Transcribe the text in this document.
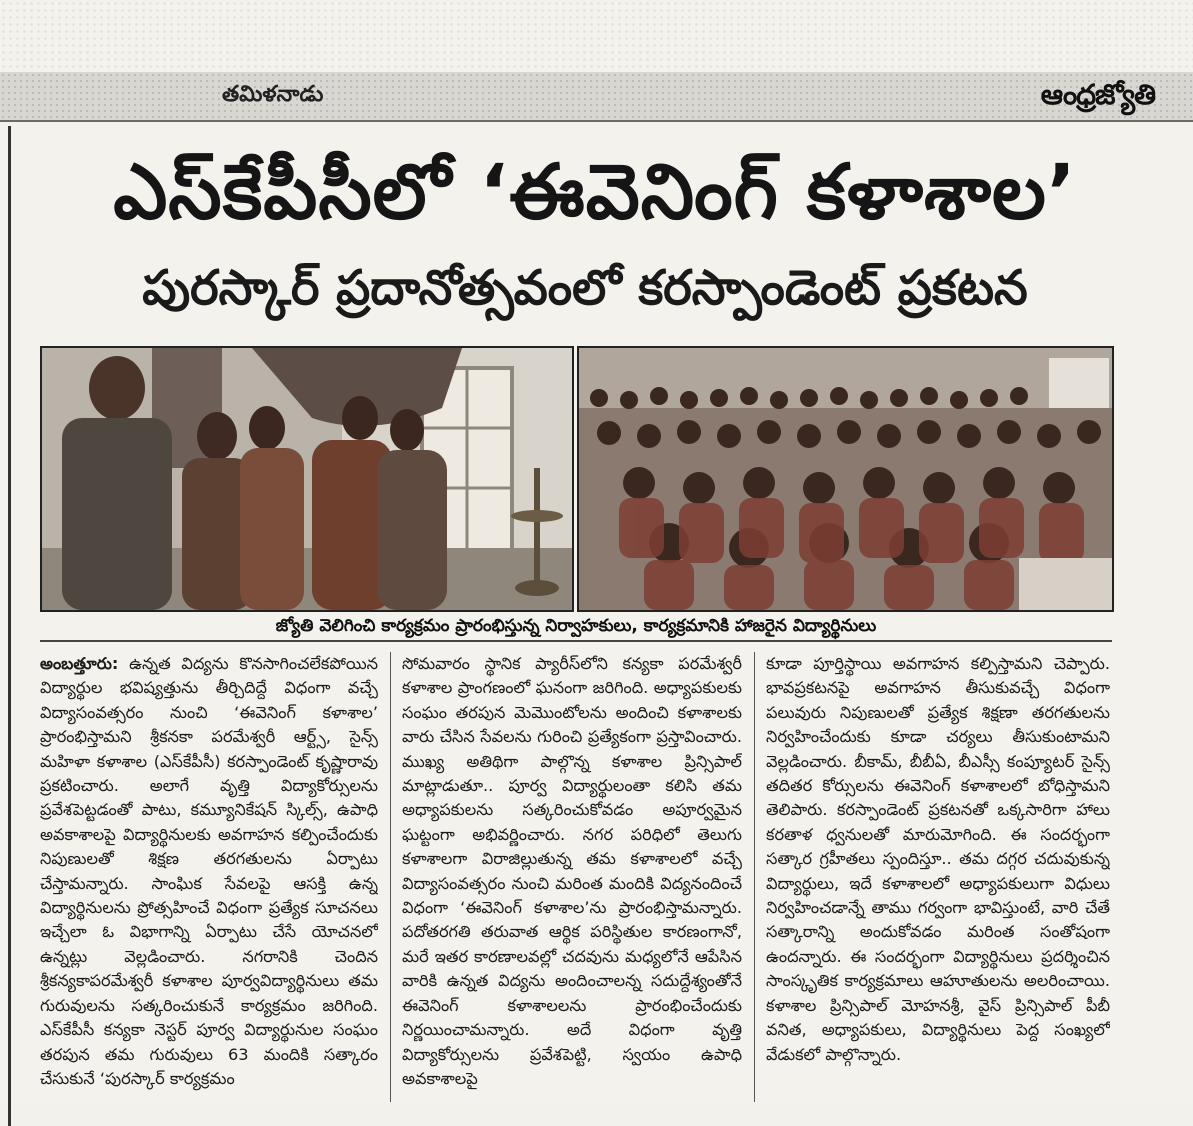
తమిళనాడు	ఆంధ్రజ్యోతి
ఎస్‌కేపీసీలో ‘ఈవెనింగ్ కళాశాల’
పురస్కార్ ప్రదానోత్సవంలో కరస్పాండెంట్ ప్రకటన
జ్యోతి వెలిగించి కార్యక్రమం ప్రారంభిస్తున్న నిర్వాహకులు, కార్యక్రమానికి హాజరైన విద్యార్థినులు
అంబత్తూరు: ఉన్నత విద్యను కొనసాగించలేకపోయిన విద్యార్థుల భవిష్యత్తును తీర్చిదిద్దే విధంగా వచ్చే విద్యాసంవత్సరం నుంచి ‘ఈవెనింగ్ కళాశాల’ ప్రారంభిస్తామని శ్రీకనకా పరమేశ్వరీ ఆర్ట్స్, సైన్స్ మహిళా కళాశాల (ఎస్‌కేపీసీ) కరస్పాండెంట్ కృష్ణారావు ప్రకటించారు. అలాగే వృత్తి విద్యాకోర్సులను ప్రవేశపెట్టడంతో పాటు, కమ్యూనికేషన్ స్కిల్స్, ఉపాధి అవకాశాలపై విద్యార్థినులకు అవగాహన కల్పించేందుకు నిపుణులతో శిక్షణ తరగతులను ఏర్పాటు చేస్తామన్నారు. సాంఘిక సేవలపై ఆసక్తి ఉన్న విద్యార్థినులను ప్రోత్సహించే విధంగా ప్రత్యేక సూచనలు ఇచ్చేలా ఓ విభాగాన్ని ఏర్పాటు చేసే యోచనలో ఉన్నట్లు వెల్లడించారు. నగరానికి చెందిన శ్రీకన్యకాపరమేశ్వరీ కళాశాల పూర్వవిద్యార్థినులు తమ గురువులను సత్కరించుకునే కార్యక్రమం జరిగింది. ఎస్‌కేపీసీ కన్యకా నెస్టర్ పూర్వ విద్యార్థునుల సంఘం తరపున తమ గురువులు 63 మందికి సత్కారం చేసుకునే ‘పురస్కార్ కార్యక్రమం
సోమవారం స్థానిక ప్యారీస్‌లోని కన్యకా పరమేశ్వరీ కళాశాల ప్రాంగణంలో ఘనంగా జరిగింది. అధ్యాపకులకు సంఘం తరపున మెమొంటోలను అందించి కళాశాలకు వారు చేసిన సేవలను గురించి ప్రత్యేకంగా ప్రస్తావించారు. ముఖ్య అతిథిగా పాల్గొన్న కళాశాల ప్రిన్సిపాల్ మాట్లాడుతూ.. పూర్వ విద్యార్థులంతా కలిసి తమ అధ్యాపకులను సత్కరించుకోవడం అపూర్వమైన ఘట్టంగా అభివర్ణించారు. నగర పరిధిలో తెలుగు కళాశాలగా విరాజిల్లుతున్న తమ కళాశాలలో వచ్చే విద్యాసంవత్సరం నుంచి మరింత మందికి విద్యనందించే విధంగా ‘ఈవెనింగ్ కళాశాల’ను ప్రారంభిస్తామన్నారు. పదోతరగతి తరువాత ఆర్థిక పరిస్థితుల కారణంగానో, మరే ఇతర కారణాలవల్లో చదవును మధ్యలోనే ఆపేసిన వారికి ఉన్నత విద్యను అందించాలన్న సదుద్దేశ్యంతోనే ఈవెనింగ్ కళాశాలలను ప్రారంభించేందుకు నిర్ణయించామన్నారు. అదే విధంగా వృత్తి విద్యాకోర్సులను ప్రవేశపెట్టి, స్వయం ఉపాధి అవకాశాలపై
కూడా పూర్తిస్థాయి అవగాహన కల్పిస్తామని చెప్పారు. భావప్రకటనపై అవగాహన తీసుకువచ్చే విధంగా పలువురు నిపుణులతో ప్రత్యేక శిక్షణా తరగతులను నిర్వహించేందుకు కూడా చర్యలు తీసుకుంటామని వెల్లడించారు. బీకామ్, బీబీఏ, బీఎస్సీ కంప్యూటర్ సైన్స్ తదితర కోర్సులను ఈవెనింగ్ కళాశాలలో బోధిస్తామని తెలిపారు. కరస్పాండెంట్ ప్రకటనతో ఒక్కసారిగా హాలు కరతాళ ధ్వనులతో మారుమోగింది. ఈ సందర్భంగా సత్కార గ్రహీతలు స్పందిస్తూ.. తమ దగ్గర చదువుకున్న విద్యార్థులు, ఇదే కళాశాలలో అధ్యాపకులుగా విధులు నిర్వహించడాన్నే తాము గర్వంగా భావిస్తుంటే, వారి చేతే సత్కారాన్ని అందుకోవడం మరింత సంతోషంగా ఉందన్నారు. ఈ సందర్భంగా విద్యార్థినులు ప్రదర్శించిన సాంస్కృతిక కార్యక్రమాలు ఆహూతులను అలరించాయి. కళాశాల ప్రిన్సిపాల్ మోహనశ్రీ, వైస్ ప్రిన్సిపాల్ పీబీ వనిత, అధ్యాపకులు, విద్యార్థినులు పెద్ద సంఖ్యలో వేడుకలో పాల్గొన్నారు.
